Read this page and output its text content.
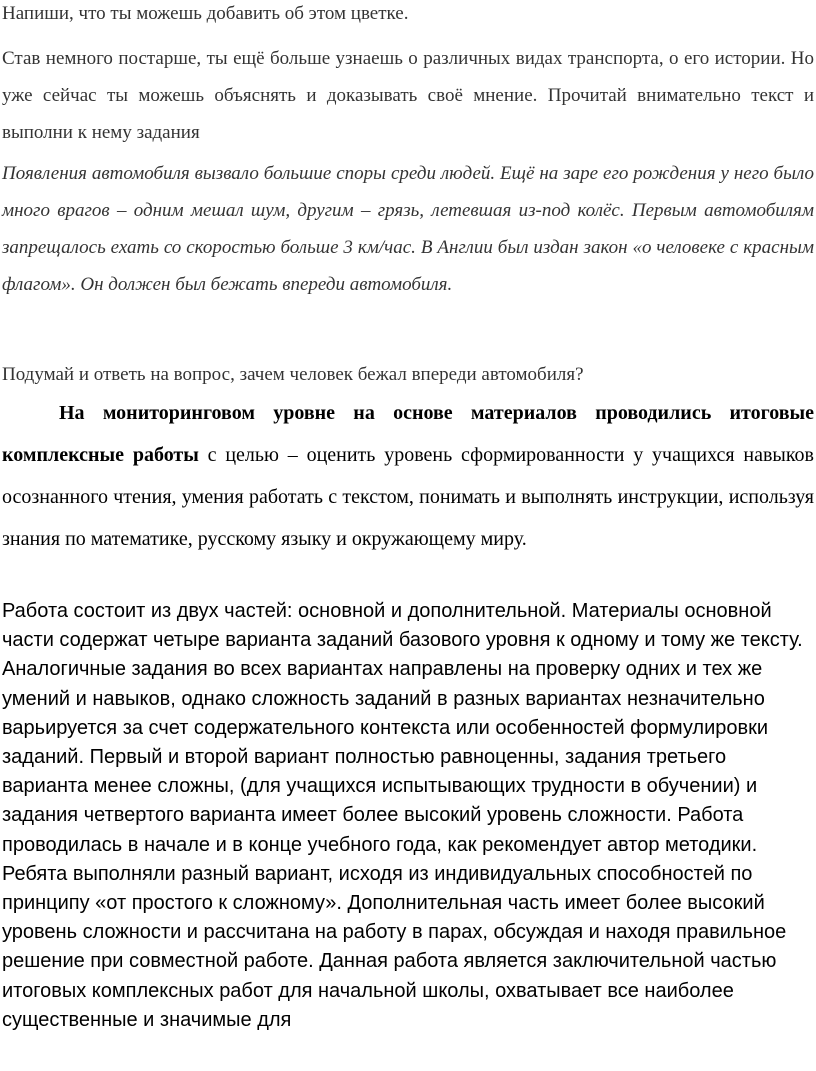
Напиши, что ты можешь добавить об этом цветке.

Став немного постарше, ты ещё больше узнаешь о различных видах транспорта, о его истории. Но уже сейчас ты можешь объяснять и доказывать своё мнение. Прочитай внимательно текст и выполни к нему задания

Появления автомобиля вызвало большие споры среди людей. Ещё на заре его рождения у него было много врагов – одним мешал шум, другим – грязь, летевшая из-под колёс. Первым автомобилям запрещалось ехать со скоростью больше 3 км/час. В Англии был издан закон «о человеке с красным флагом». Он должен был бежать впереди автомобиля.

Подумай и ответь на вопрос, зачем человек бежал впереди автомобиля?

На мониторинговом уровне на основе материалов проводились итоговые комплексные работы с целью – оценить уровень сформированности у учащихся навыков осознанного чтения, умения работать с текстом, понимать и выполнять инструкции, используя знания по математике, русскому языку и окружающему миру.

Работа состоит из двух частей: основной и дополнительной. Материалы основной части содержат четыре варианта заданий базового уровня к одному и тому же тексту. Аналогичные задания во всех вариантах направлены на проверку одних и тех же умений и навыков, однако сложность заданий в разных вариантах незначительно варьируется за счет содержательного контекста или особенностей формулировки заданий. Первый и второй вариант полностью равноценны, задания третьего варианта менее сложны, (для учащихся испытывающих трудности в обучении) и задания четвертого варианта имеет более высокий уровень сложности. Работа проводилась в начале и в конце учебного года, как рекомендует автор методики. Ребята выполняли разный вариант, исходя из индивидуальных способностей по принципу «от простого к сложному». Дополнительная часть имеет более высокий уровень сложности и рассчитана на работу в парах, обсуждая и находя правильное решение при совместной работе. Данная работа является заключительной частью итоговых комплексных работ для начальной школы, охватывает все наиболее существенные и значимые для
